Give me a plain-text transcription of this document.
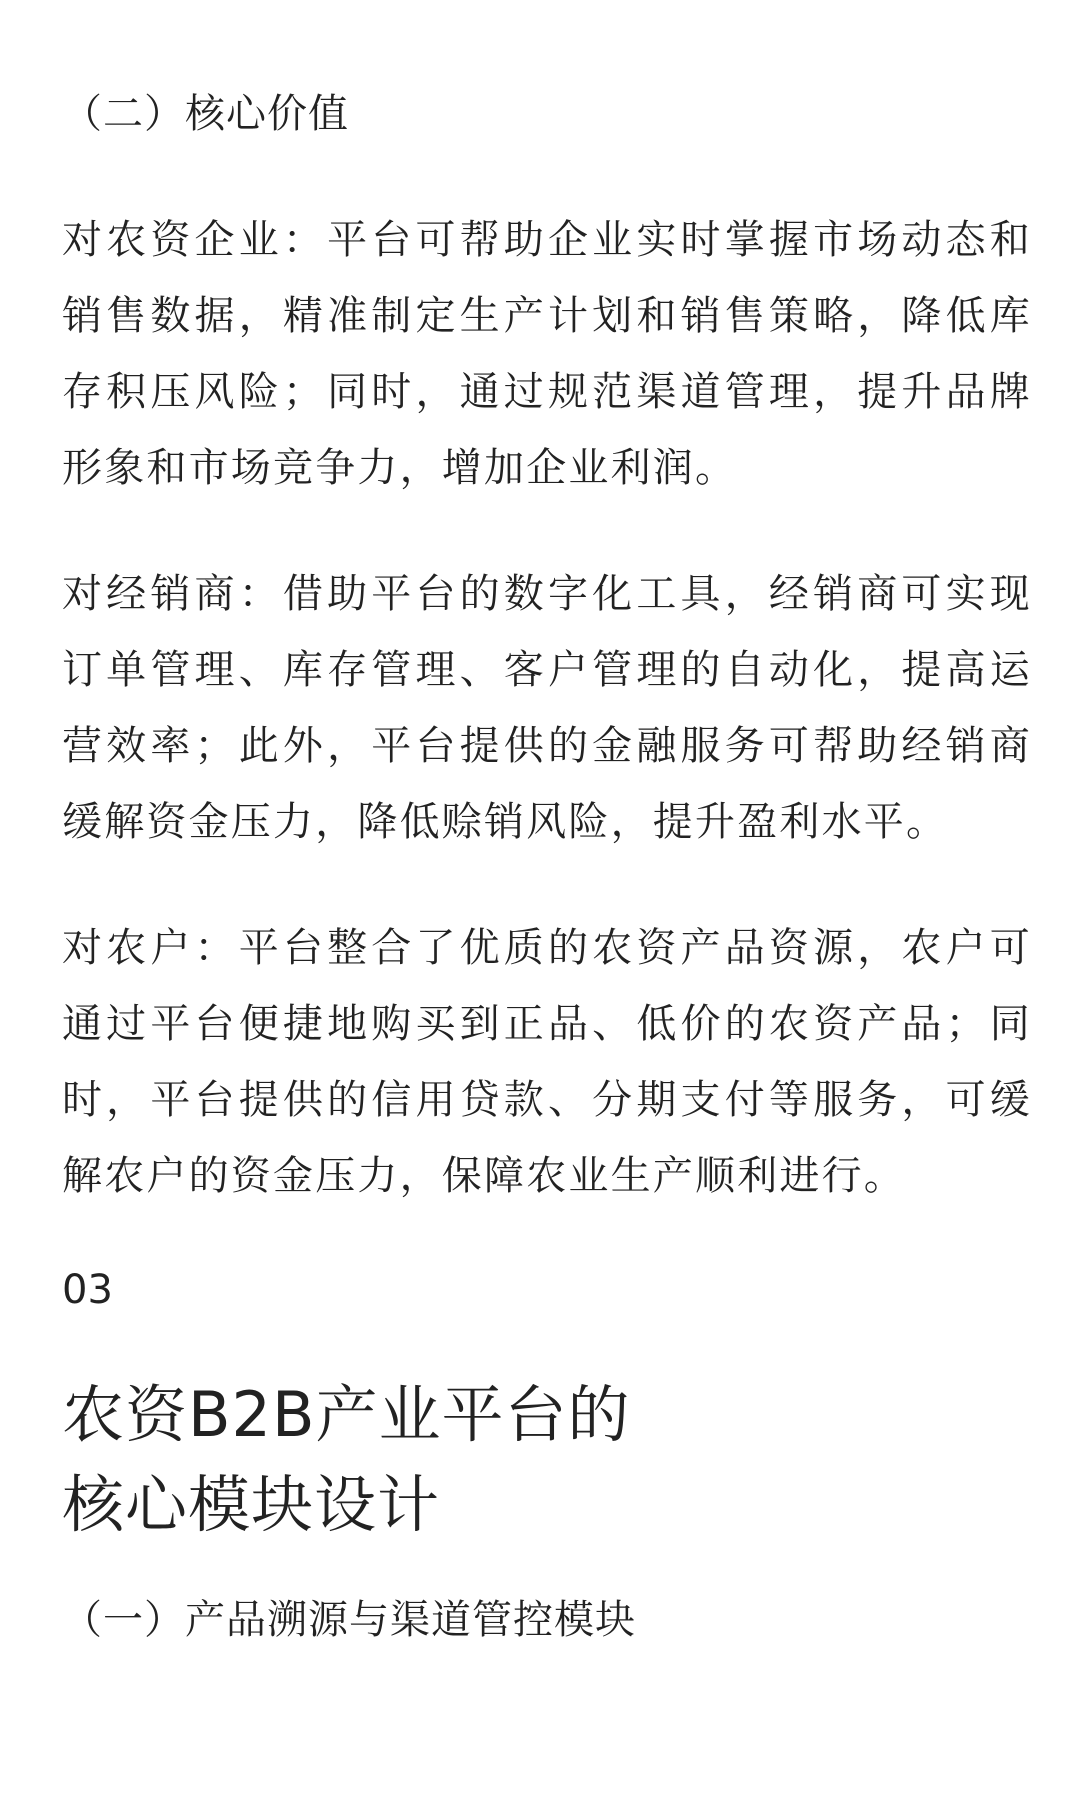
（二）核心价值

对农资企业：平台可帮助企业实时掌握市场动态和销售数据，精准制定生产计划和销售策略，降低库存积压风险；同时，通过规范渠道管理，提升品牌形象和市场竞争力，增加企业利润。

对经销商：借助平台的数字化工具，经销商可实现订单管理、库存管理、客户管理的自动化，提高运营效率；此外，平台提供的金融服务可帮助经销商缓解资金压力，降低赊销风险，提升盈利水平。

对农户：平台整合了优质的农资产品资源，农户可通过平台便捷地购买到正品、低价的农资产品；同时，平台提供的信用贷款、分期支付等服务，可缓解农户的资金压力，保障农业生产顺利进行。

03

农资B2B产业平台的
核心模块设计

（一）产品溯源与渠道管控模块
